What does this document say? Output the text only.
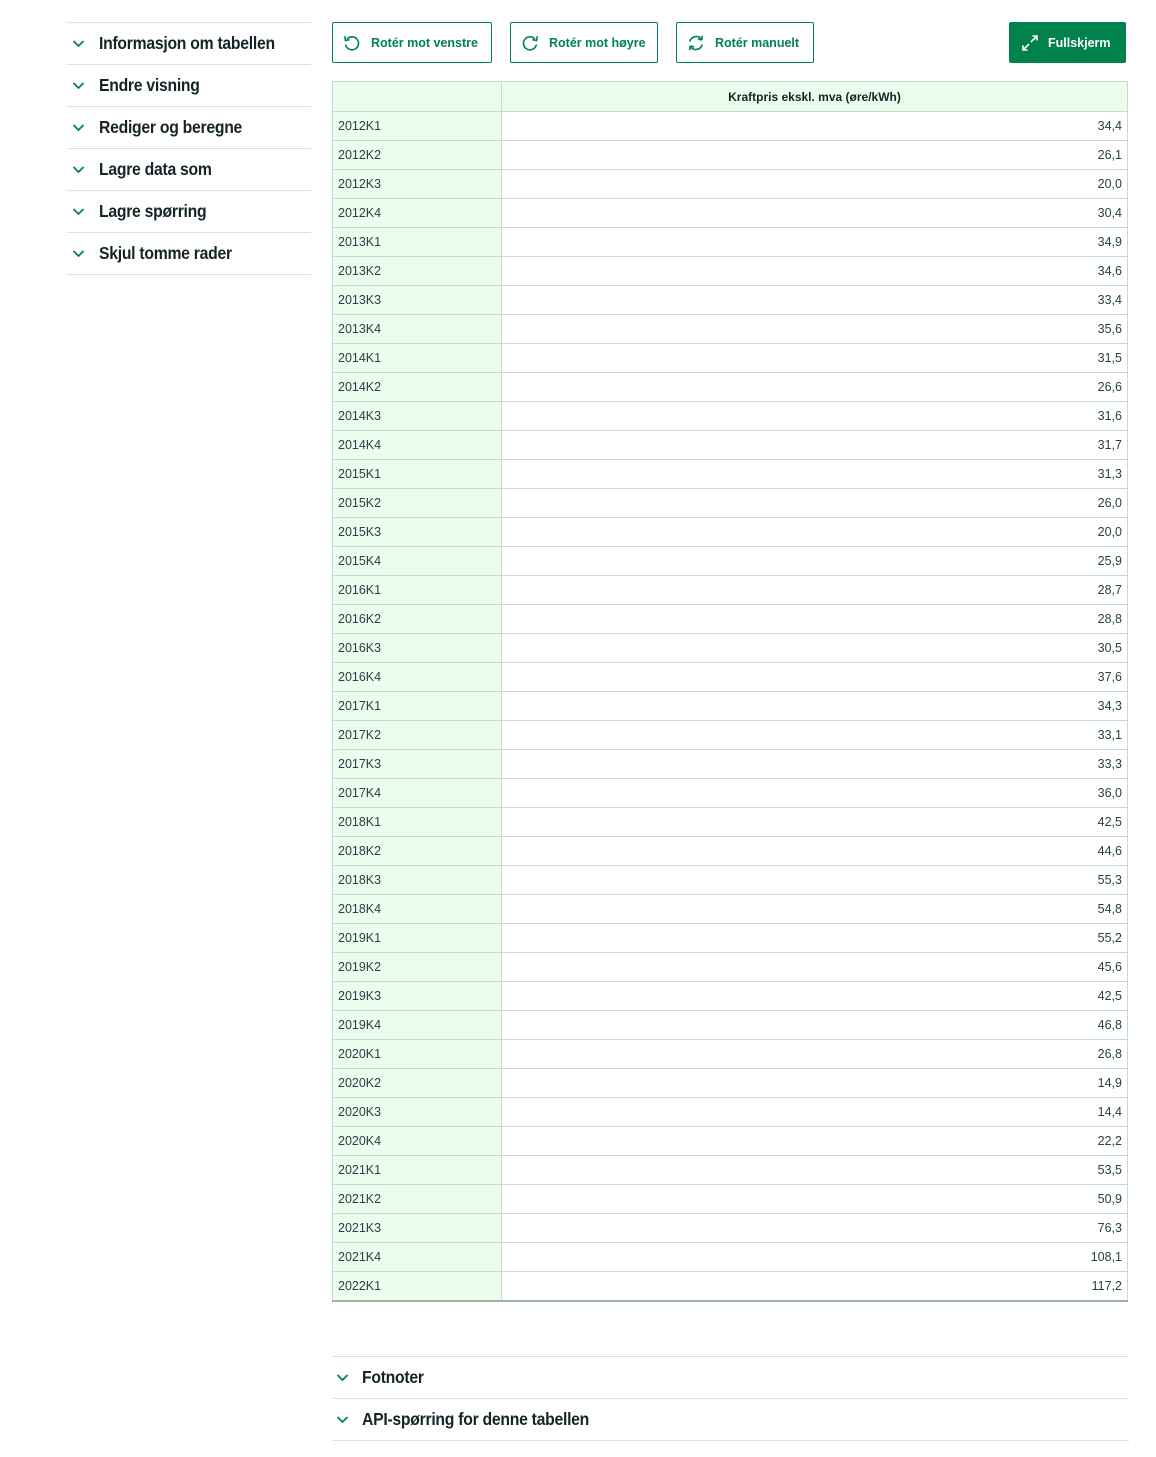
Informasjon om tabellen
Endre visning
Rediger og beregne
Lagre data som
Lagre spørring
Skjul tomme rader
Rotér mot venstre	Rotér mot høyre	Rotér manuelt	Fullskjerm
	Kraftpris ekskl. mva (øre/kWh)
2012K1	34,4
2012K2	26,1
2012K3	20,0
2012K4	30,4
2013K1	34,9
2013K2	34,6
2013K3	33,4
2013K4	35,6
2014K1	31,5
2014K2	26,6
2014K3	31,6
2014K4	31,7
2015K1	31,3
2015K2	26,0
2015K3	20,0
2015K4	25,9
2016K1	28,7
2016K2	28,8
2016K3	30,5
2016K4	37,6
2017K1	34,3
2017K2	33,1
2017K3	33,3
2017K4	36,0
2018K1	42,5
2018K2	44,6
2018K3	55,3
2018K4	54,8
2019K1	55,2
2019K2	45,6
2019K3	42,5
2019K4	46,8
2020K1	26,8
2020K2	14,9
2020K3	14,4
2020K4	22,2
2021K1	53,5
2021K2	50,9
2021K3	76,3
2021K4	108,1
2022K1	117,2
Fotnoter
API-spørring for denne tabellen
